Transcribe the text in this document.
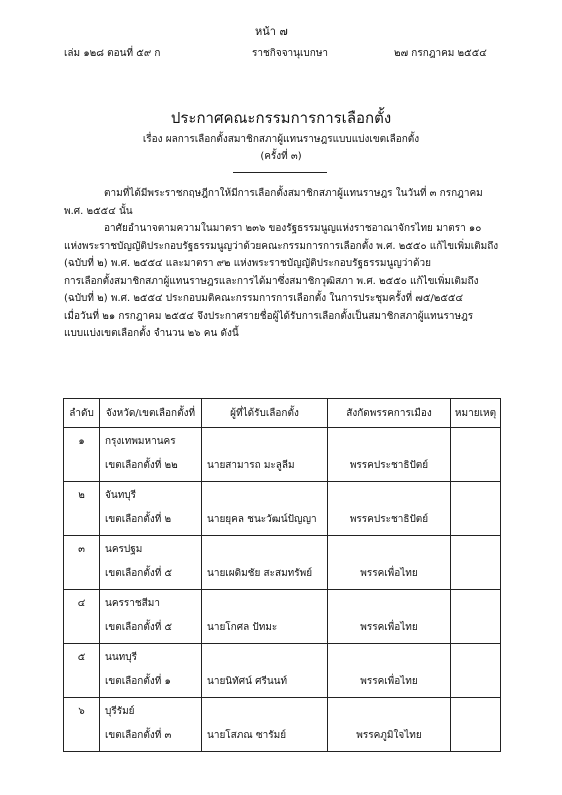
หน้า ๗
เล่ม ๑๒๘ ตอนที่ ๕๙ ก	ราชกิจจานุเบกษา	๒๗ กรกฎาคม ๒๕๕๔
ประกาศคณะกรรมการการเลือกตั้ง
เรื่อง ผลการเลือกตั้งสมาชิกสภาผู้แทนราษฎรแบบแบ่งเขตเลือกตั้ง
(ครั้งที่ ๓)
ตามที่ได้มีพระราชกฤษฎีกาให้มีการเลือกตั้งสมาชิกสภาผู้แทนราษฎร ในวันที่ ๓ กรกฎาคม
พ.ศ. ๒๕๕๔ นั้น
อาศัยอำนาจตามความในมาตรา ๒๓๖ ของรัฐธรรมนูญแห่งราชอาณาจักรไทย มาตรา ๑๐
แห่งพระราชบัญญัติประกอบรัฐธรรมนูญว่าด้วยคณะกรรมการการเลือกตั้ง พ.ศ. ๒๕๕๐ แก้ไขเพิ่มเติมถึง
(ฉบับที่ ๒) พ.ศ. ๒๕๕๔ และมาตรา ๙๒ แห่งพระราชบัญญัติประกอบรัฐธรรมนูญว่าด้วย
การเลือกตั้งสมาชิกสภาผู้แทนราษฎรและการได้มาซึ่งสมาชิกวุฒิสภา พ.ศ. ๒๕๕๐ แก้ไขเพิ่มเติมถึง
(ฉบับที่ ๒) พ.ศ. ๒๕๕๔ ประกอบมติคณะกรรมการการเลือกตั้ง ในการประชุมครั้งที่ ๗๕/๒๕๕๔
เมื่อวันที่ ๒๑ กรกฎาคม ๒๕๕๔ จึงประกาศรายชื่อผู้ได้รับการเลือกตั้งเป็นสมาชิกสภาผู้แทนราษฎร
แบบแบ่งเขตเลือกตั้ง จำนวน ๒๖ คน ดังนี้
ลำดับ	จังหวัด/เขตเลือกตั้งที่	ผู้ที่ได้รับเลือกตั้ง	สังกัดพรรคการเมือง	หมายเหตุ
๑	กรุงเทพมหานคร
เขตเลือกตั้งที่ ๒๒	นายสามารถ มะลูลีม	พรรคประชาธิปัตย์	

๒	จันทบุรี
เขตเลือกตั้งที่ ๒	นายยุคล ชนะวัฒน์ปัญญา	พรรคประชาธิปัตย์	

๓	นครปฐม
เขตเลือกตั้งที่ ๕	นายเผดิมชัย สะสมทรัพย์	พรรคเพื่อไทย	

๔	นครราชสีมา
เขตเลือกตั้งที่ ๕	นายโกศล ปัทมะ	พรรคเพื่อไทย	

๕	นนทบุรี
เขตเลือกตั้งที่ ๑	นายนิทัศน์ ศรีนนท์	พรรคเพื่อไทย	

๖	บุรีรัมย์
เขตเลือกตั้งที่ ๓	นายโสภณ ซารัมย์	พรรคภูมิใจไทย	
